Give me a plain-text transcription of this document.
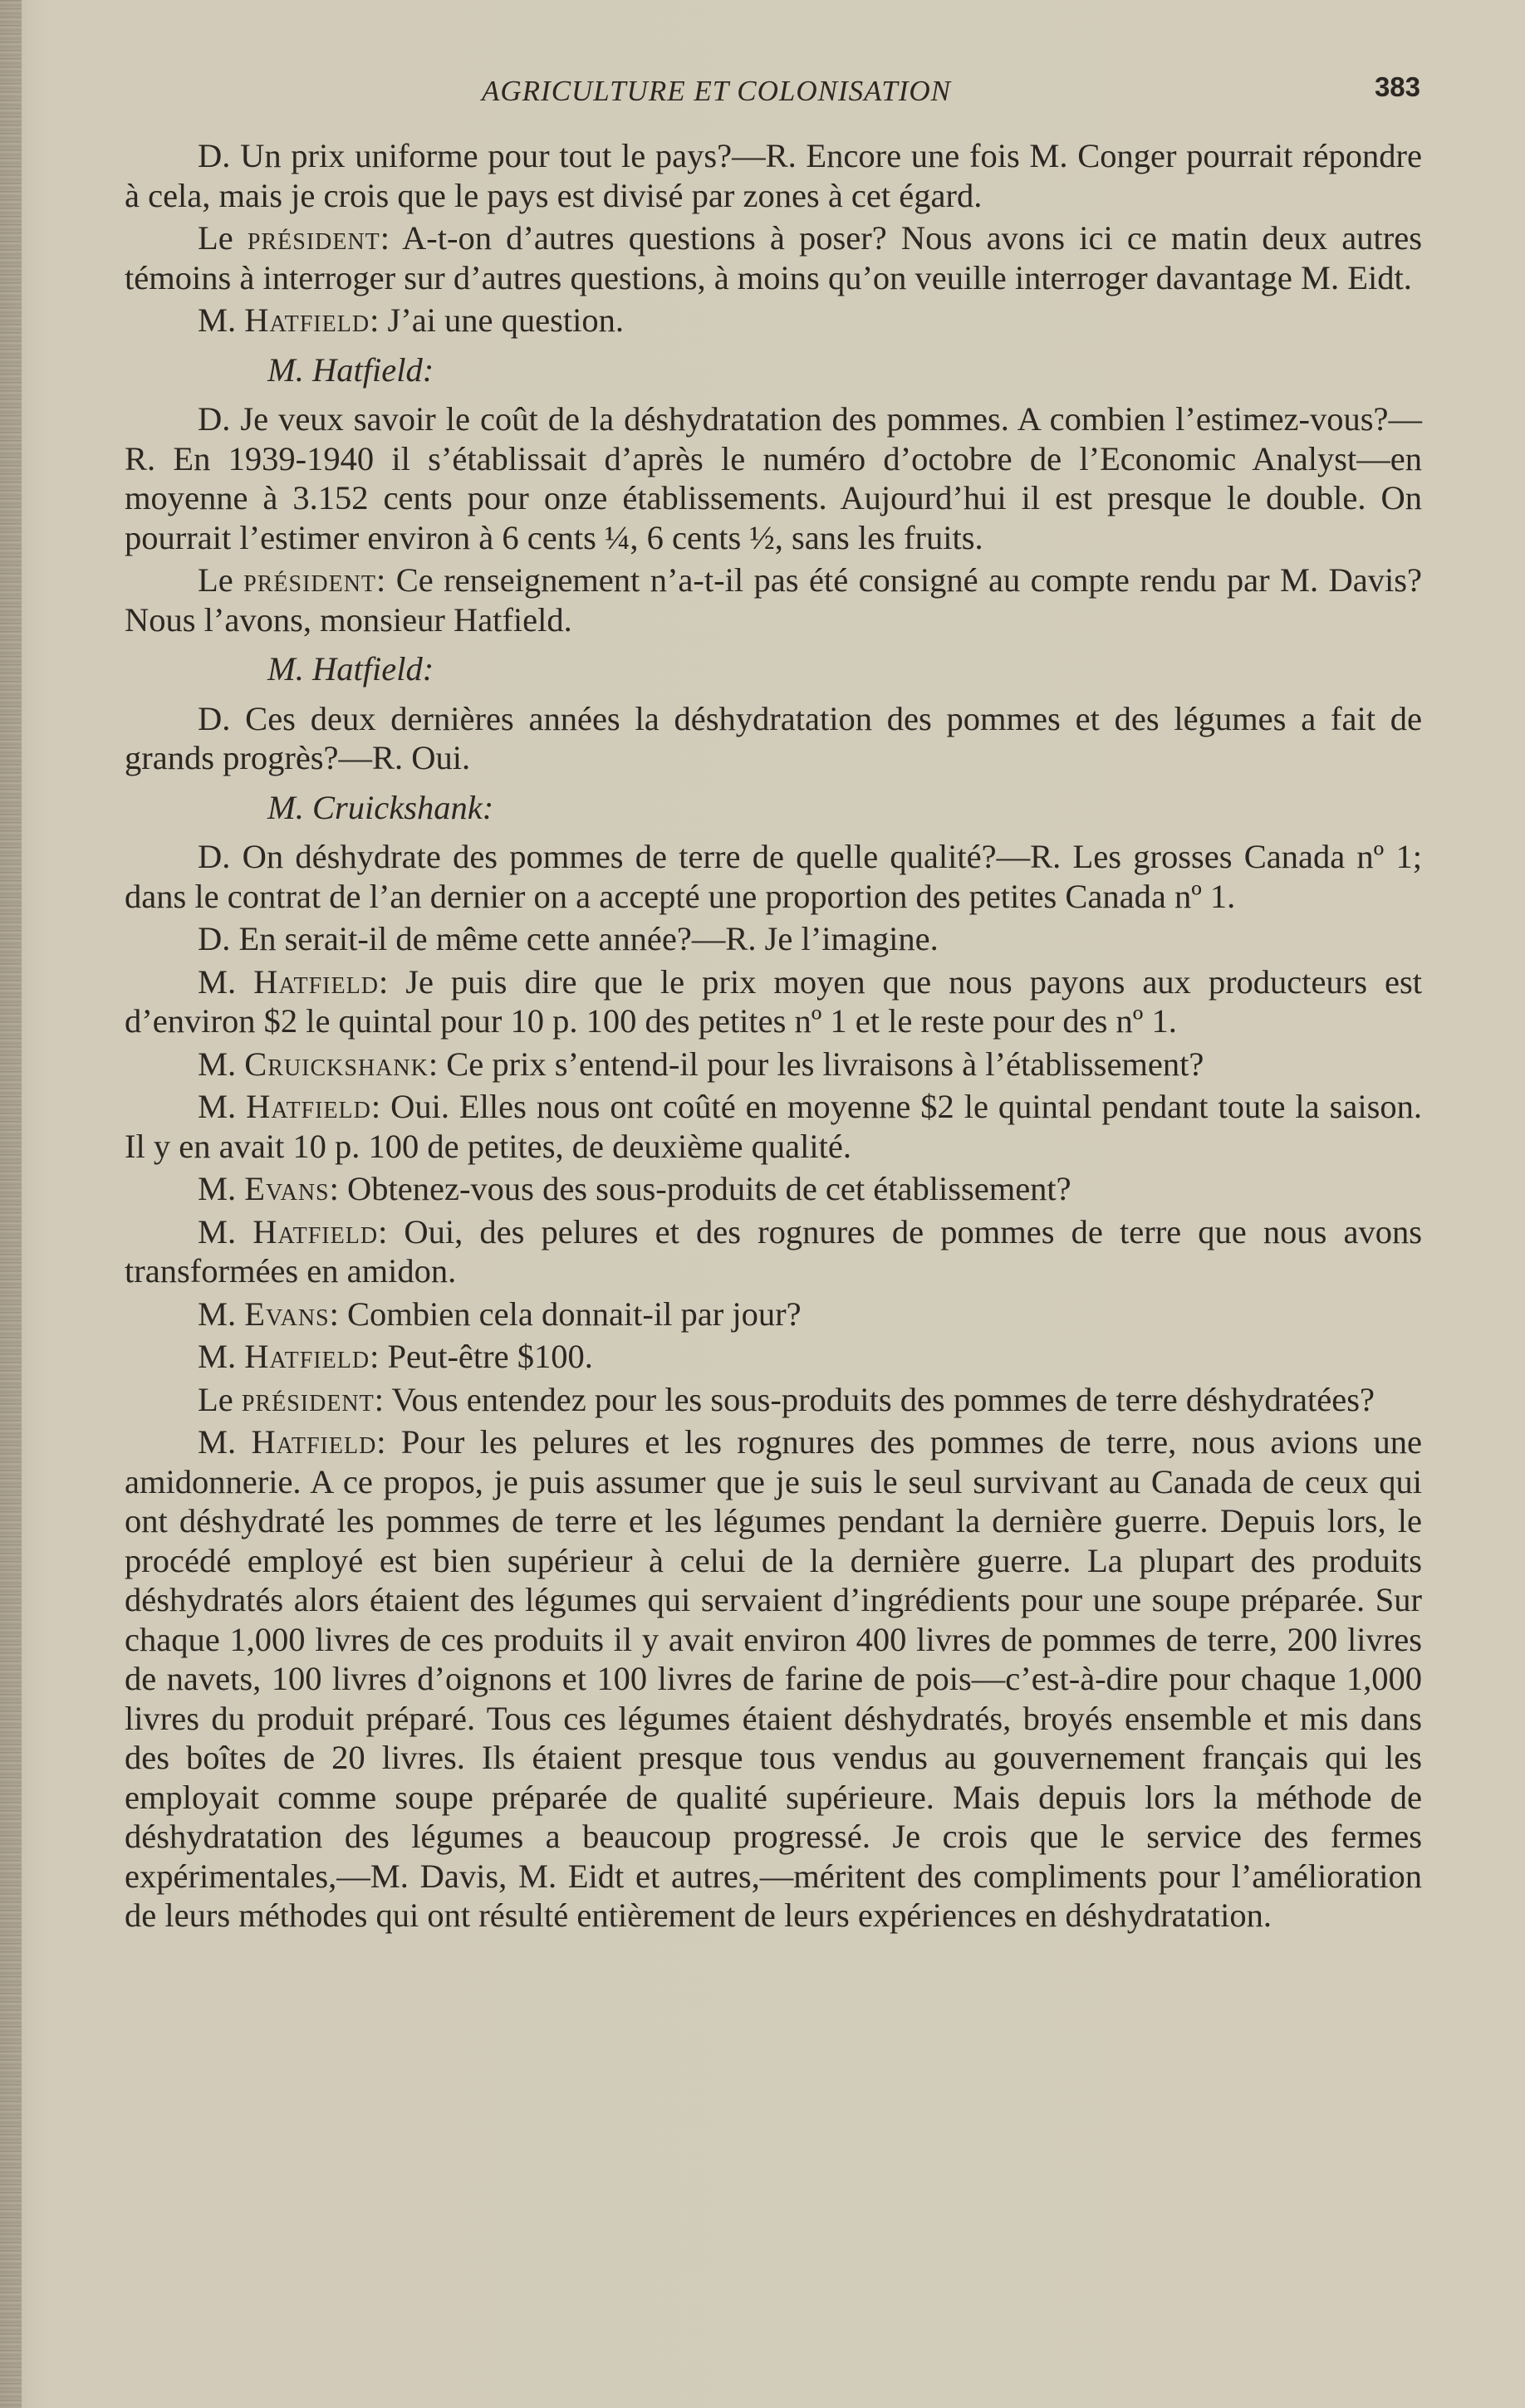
AGRICULTURE ET COLONISATION	383

D. Un prix uniforme pour tout le pays?—R. Encore une fois M. Conger pourrait répondre à cela, mais je crois que le pays est divisé par zones à cet égard.

Le président: A-t-on d’autres questions à poser? Nous avons ici ce matin deux autres témoins à interroger sur d’autres questions, à moins qu’on veuille interroger davantage M. Eidt.

M. Hatfield: J’ai une question.

M. Hatfield:

D. Je veux savoir le coût de la déshydratation des pommes. A combien l’estimez-vous?—R. En 1939-1940 il s’établissait d’après le numéro d’octobre de l’Economic Analyst—en moyenne à 3.152 cents pour onze établissements. Aujourd’hui il est presque le double. On pourrait l’estimer environ à 6 cents ¼, 6 cents ½, sans les fruits.

Le président: Ce renseignement n’a-t-il pas été consigné au compte rendu par M. Davis? Nous l’avons, monsieur Hatfield.

M. Hatfield:

D. Ces deux dernières années la déshydratation des pommes et des légumes a fait de grands progrès?—R. Oui.

M. Cruickshank:

D. On déshydrate des pommes de terre de quelle qualité?—R. Les grosses Canada nº 1; dans le contrat de l’an dernier on a accepté une proportion des petites Canada nº 1.

D. En serait-il de même cette année?—R. Je l’imagine.

M. Hatfield: Je puis dire que le prix moyen que nous payons aux producteurs est d’environ $2 le quintal pour 10 p. 100 des petites nº 1 et le reste pour des nº 1.

M. Cruickshank: Ce prix s’entend-il pour les livraisons à l’établissement?

M. Hatfield: Oui. Elles nous ont coûté en moyenne $2 le quintal pendant toute la saison. Il y en avait 10 p. 100 de petites, de deuxième qualité.

M. Evans: Obtenez-vous des sous-produits de cet établissement?

M. Hatfield: Oui, des pelures et des rognures de pommes de terre que nous avons transformées en amidon.

M. Evans: Combien cela donnait-il par jour?

M. Hatfield: Peut-être $100.

Le président: Vous entendez pour les sous-produits des pommes de terre déshydratées?

M. Hatfield: Pour les pelures et les rognures des pommes de terre, nous avions une amidonnerie. A ce propos, je puis assumer que je suis le seul survivant au Canada de ceux qui ont déshydraté les pommes de terre et les légumes pendant la dernière guerre. Depuis lors, le procédé employé est bien supérieur à celui de la dernière guerre. La plupart des produits déshydratés alors étaient des légumes qui servaient d’ingrédients pour une soupe préparée. Sur chaque 1,000 livres de ces produits il y avait environ 400 livres de pommes de terre, 200 livres de navets, 100 livres d’oignons et 100 livres de farine de pois—c’est-à-dire pour chaque 1,000 livres du produit préparé. Tous ces légumes étaient déshydratés, broyés ensemble et mis dans des boîtes de 20 livres. Ils étaient presque tous vendus au gouvernement français qui les employait comme soupe préparée de qualité supérieure. Mais depuis lors la méthode de déshydratation des légumes a beaucoup progressé. Je crois que le service des fermes expérimentales,—M. Davis, M. Eidt et autres,—méritent des compliments pour l’amélioration de leurs méthodes qui ont résulté entièrement de leurs expériences en déshydratation.
